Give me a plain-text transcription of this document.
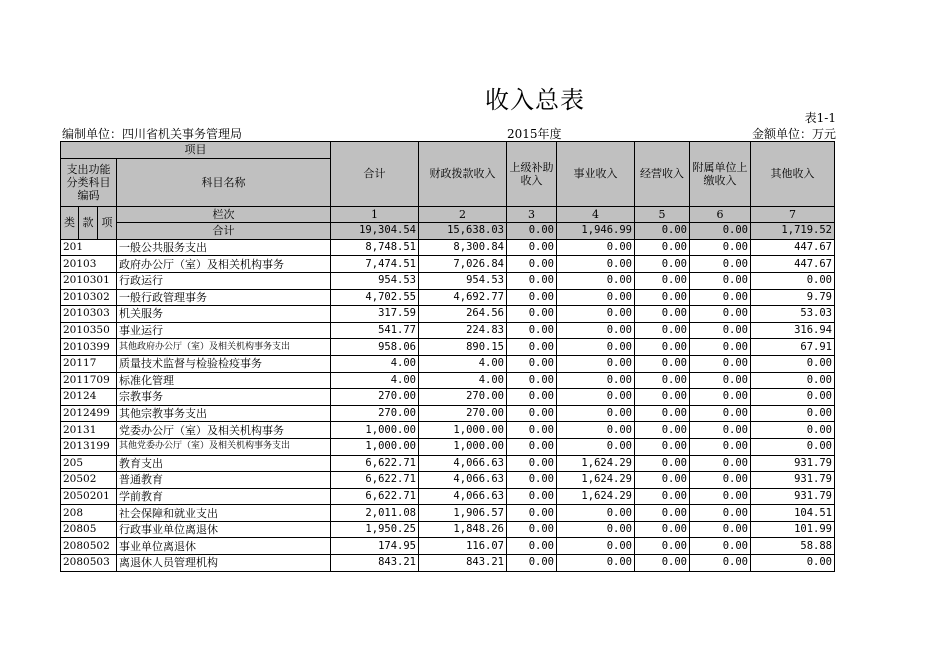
收入总表
表1-1
编制单位：四川省机关事务管理局	2015年度	金额单位：万元
项目				合计	财政拨款收入	上级补助收入	事业收入	经营收入	附属单位上缴收入	其他收入
支出功能分类科目编码			科目名称							

类	款	项	栏次	1	2	3	4	5	6	7
			合计	19,304.54	15,638.03	0.00	1,946.99	0.00	0.00	1,719.52
201			一般公共服务支出	8,748.51	8,300.84	0.00	0.00	0.00	0.00	447.67
20103			政府办公厅（室）及相关机构事务	7,474.51	7,026.84	0.00	0.00	0.00	0.00	447.67
2010301			行政运行	954.53	954.53	0.00	0.00	0.00	0.00	0.00
2010302			一般行政管理事务	4,702.55	4,692.77	0.00	0.00	0.00	0.00	9.79
2010303			机关服务	317.59	264.56	0.00	0.00	0.00	0.00	53.03
2010350			事业运行	541.77	224.83	0.00	0.00	0.00	0.00	316.94
2010399			其他政府办公厅（室）及相关机构事务支出	958.06	890.15	0.00	0.00	0.00	0.00	67.91
20117			质量技术监督与检验检疫事务	4.00	4.00	0.00	0.00	0.00	0.00	0.00
2011709			标准化管理	4.00	4.00	0.00	0.00	0.00	0.00	0.00
20124			宗教事务	270.00	270.00	0.00	0.00	0.00	0.00	0.00
2012499			其他宗教事务支出	270.00	270.00	0.00	0.00	0.00	0.00	0.00
20131			党委办公厅（室）及相关机构事务	1,000.00	1,000.00	0.00	0.00	0.00	0.00	0.00
2013199			其他党委办公厅（室）及相关机构事务支出	1,000.00	1,000.00	0.00	0.00	0.00	0.00	0.00
205			教育支出	6,622.71	4,066.63	0.00	1,624.29	0.00	0.00	931.79
20502			普通教育	6,622.71	4,066.63	0.00	1,624.29	0.00	0.00	931.79
2050201			学前教育	6,622.71	4,066.63	0.00	1,624.29	0.00	0.00	931.79
208			社会保障和就业支出	2,011.08	1,906.57	0.00	0.00	0.00	0.00	104.51
20805			行政事业单位离退休	1,950.25	1,848.26	0.00	0.00	0.00	0.00	101.99
2080502			事业单位离退休	174.95	116.07	0.00	0.00	0.00	0.00	58.88
2080503			离退休人员管理机构	843.21	843.21	0.00	0.00	0.00	0.00	0.00
